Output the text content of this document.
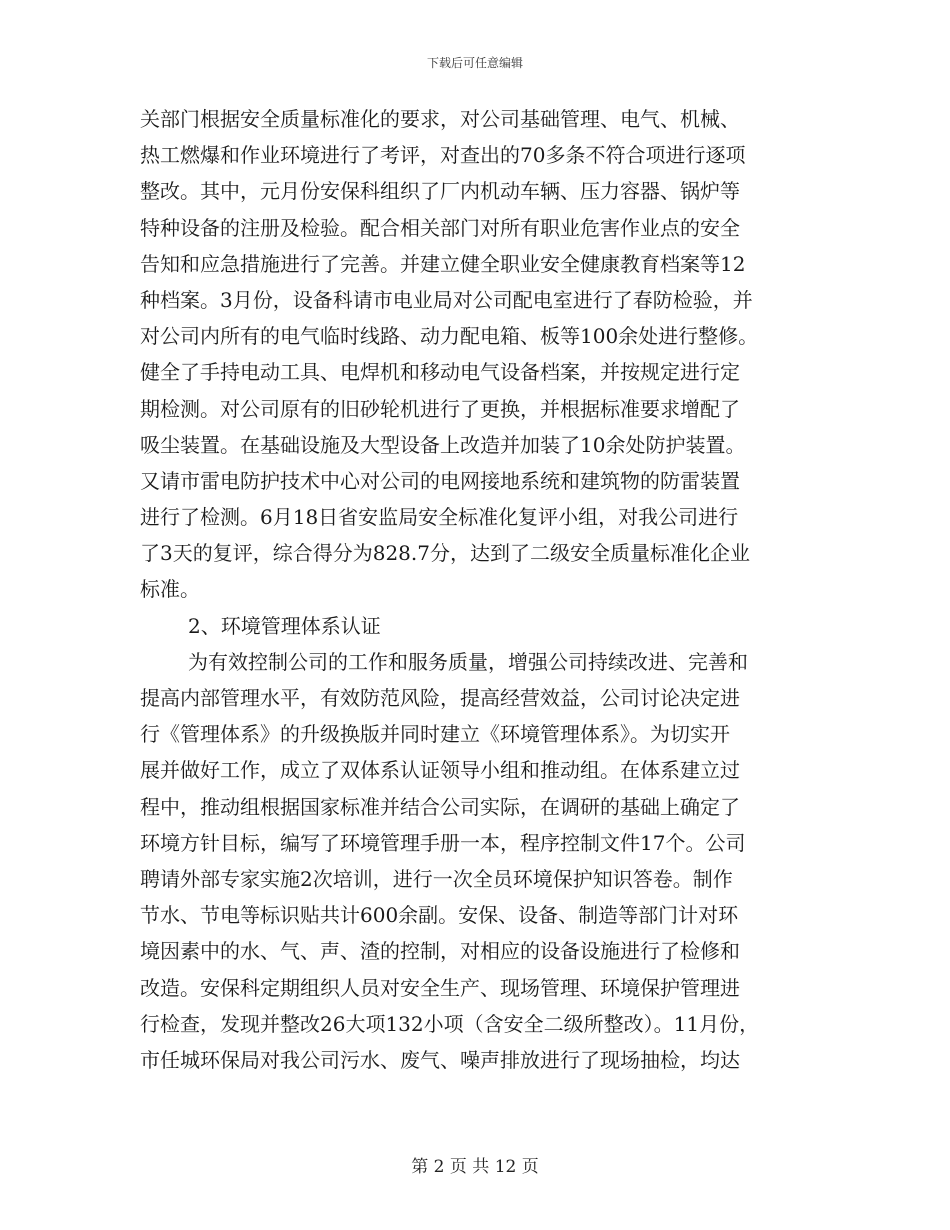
下载后可任意编辑
关部门根据安全质量标准化的要求，对公司基础管理、电气、机械、
热工燃爆和作业环境进行了考评，对查出的70多条不符合项进行逐项
整改。其中，元月份安保科组织了厂内机动车辆、压力容器、锅炉等
特种设备的注册及检验。配合相关部门对所有职业危害作业点的安全
告知和应急措施进行了完善。并建立健全职业安全健康教育档案等12
种档案。3月份，设备科请市电业局对公司配电室进行了春防检验，并
对公司内所有的电气临时线路、动力配电箱、板等100余处进行整修。
健全了手持电动工具、电焊机和移动电气设备档案，并按规定进行定
期检测。对公司原有的旧砂轮机进行了更换，并根据标准要求增配了
吸尘装置。在基础设施及大型设备上改造并加装了10余处防护装置。
又请市雷电防护技术中心对公司的电网接地系统和建筑物的防雷装置
进行了检测。6月18日省安监局安全标准化复评小组，对我公司进行
了3天的复评，综合得分为828.7分，达到了二级安全质量标准化企业
标准。
2、环境管理体系认证
为有效控制公司的工作和服务质量，增强公司持续改进、完善和
提高内部管理水平，有效防范风险，提高经营效益，公司讨论决定进
行《管理体系》的升级换版并同时建立《环境管理体系》。为切实开
展并做好工作，成立了双体系认证领导小组和推动组。在体系建立过
程中，推动组根据国家标准并结合公司实际，在调研的基础上确定了
环境方针目标，编写了环境管理手册一本，程序控制文件17个。公司
聘请外部专家实施2次培训，进行一次全员环境保护知识答卷。制作
节水、节电等标识贴共计600余副。安保、设备、制造等部门计对环
境因素中的水、气、声、渣的控制，对相应的设备设施进行了检修和
改造。安保科定期组织人员对安全生产、现场管理、环境保护管理进
行检查，发现并整改26大项132小项（含安全二级所整改）。11月份，
市任城环保局对我公司污水、废气、噪声排放进行了现场抽检，均达
第 2 页 共 12 页
